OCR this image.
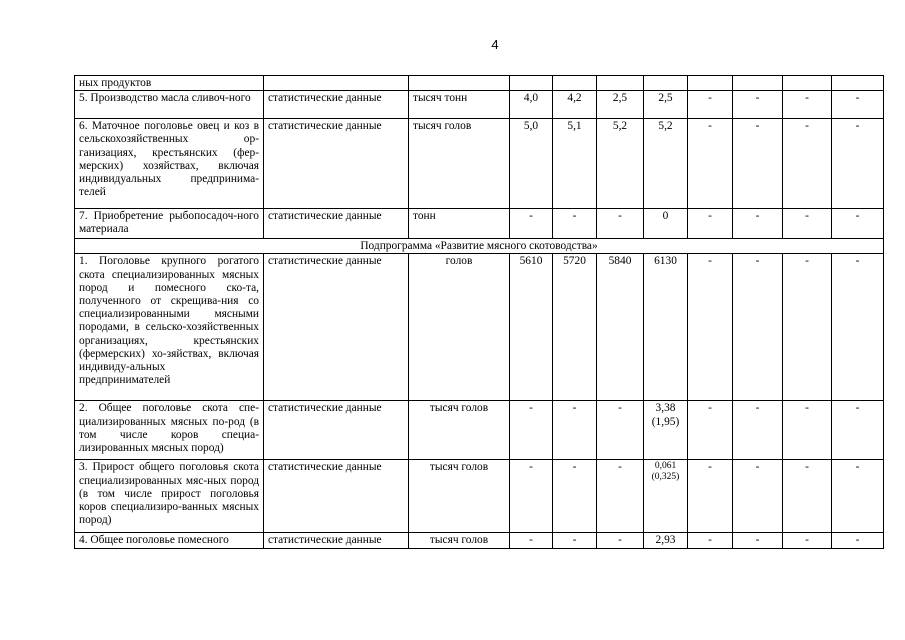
4
ных продуктов										
5. Производство масла сливоч-ного	статистические данные	тысяч тонн	4,0	4,2	2,5	2,5	-	-	-	-
6. Маточное поголовье овец и коз в сельскохозяйственных ор-ганизациях, крестьянских (фер-мерских) хозяйствах, включая индивидуальных предпринима-телей	статистические данные	тысяч голов	5,0	5,1	5,2	5,2	-	-	-	-
7. Приобретение рыбопосадоч-ного материала	статистические данные	тонн	-	-	-	0	-	-	-	-
Подпрограмма «Развитие мясного скотоводства»										
1. Поголовье крупного рогатого скота специализированных мясных пород и помесного ско-та, полученного от скрещива-ния со специализированными мясными породами, в сельско-хозяйственных организациях, крестьянских (фермерских) хо-зяйствах, включая индивиду-альных предпринимателей	статистические данные	голов	5610	5720	5840	6130	-	-	-	-
2. Общее поголовье скота спе-циализированных мясных по-род (в том числе коров специа-лизированных мясных пород)	статистические данные	тысяч голов	-	-	-	3,38 (1,95)	-	-	-	-
3. Прирост общего поголовья скота специализированных мяс-ных пород (в том числе прирост поголовья коров специализиро-ванных мясных пород)	статистические данные	тысяч голов	-	-	-	0,061 (0,325)	-	-	-	-
4. Общее поголовье помесного	статистические данные	тысяч голов	-	-	-	2,93	-	-	-	-
